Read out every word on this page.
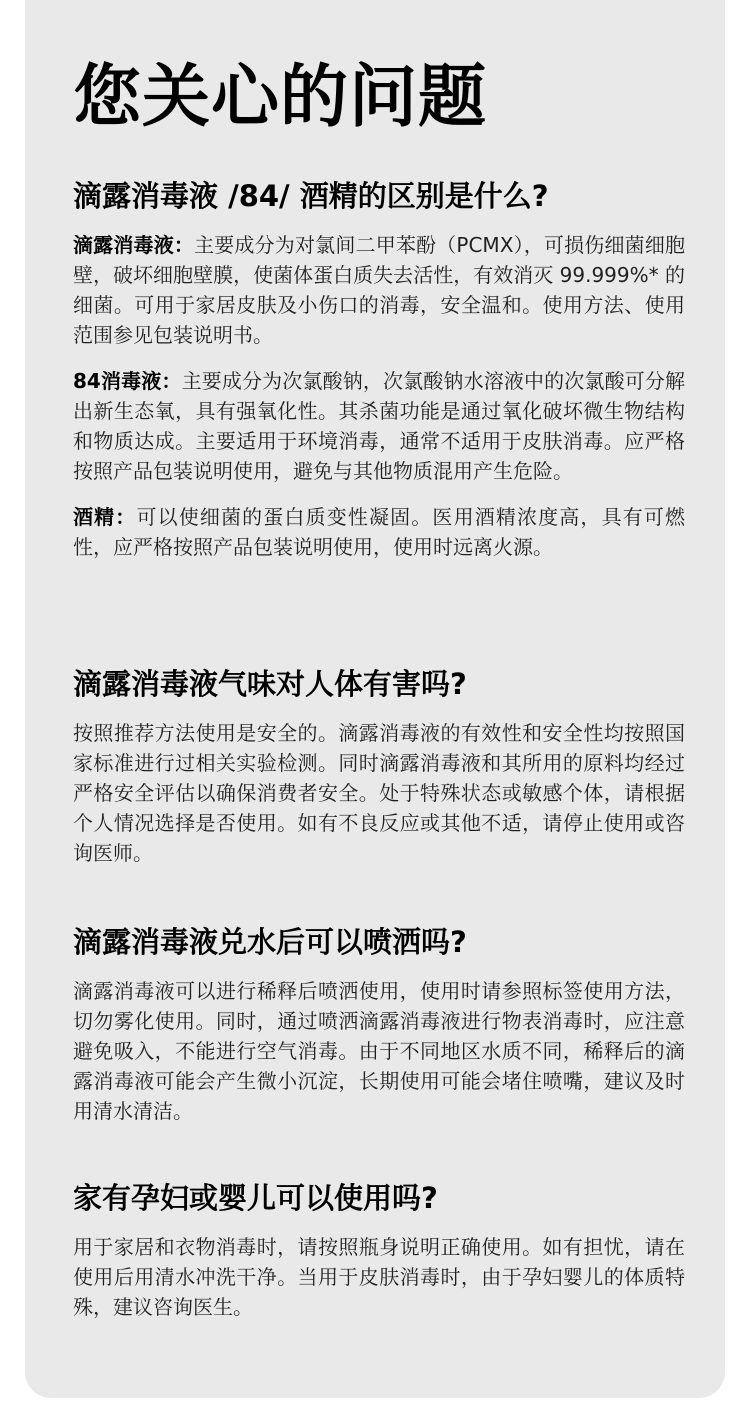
您关心的问题
滴露消毒液 /84/ 酒精的区别是什么?

滴露消毒液：主要成分为对氯间二甲苯酚（PCMX），可损伤细菌细胞壁，破坏细胞壁膜，使菌体蛋白质失去活性，有效消灭 99.999%* 的细菌。可用于家居皮肤及小伤口的消毒，安全温和。使用方法、使用范围参见包装说明书。

84消毒液：主要成分为次氯酸钠，次氯酸钠水溶液中的次氯酸可分解出新生态氧，具有强氧化性。其杀菌功能是通过氧化破坏微生物结构和物质达成。主要适用于环境消毒，通常不适用于皮肤消毒。应严格按照产品包装说明使用，避免与其他物质混用产生危险。

酒精：可以使细菌的蛋白质变性凝固。医用酒精浓度高，具有可燃性，应严格按照产品包装说明使用，使用时远离火源。

滴露消毒液气味对人体有害吗?

按照推荐方法使用是安全的。滴露消毒液的有效性和安全性均按照国家标准进行过相关实验检测。同时滴露消毒液和其所用的原料均经过严格安全评估以确保消费者安全。处于特殊状态或敏感个体，请根据个人情况选择是否使用。如有不良反应或其他不适，请停止使用或咨询医师。

滴露消毒液兑水后可以喷洒吗?

滴露消毒液可以进行稀释后喷洒使用，使用时请参照标签使用方法，切勿雾化使用。同时，通过喷洒滴露消毒液进行物表消毒时，应注意避免吸入，不能进行空气消毒。由于不同地区水质不同，稀释后的滴露消毒液可能会产生微小沉淀，长期使用可能会堵住喷嘴，建议及时用清水清洁。

家有孕妇或婴儿可以使用吗?

用于家居和衣物消毒时，请按照瓶身说明正确使用。如有担忧，请在使用后用清水冲洗干净。当用于皮肤消毒时，由于孕妇婴儿的体质特殊，建议咨询医生。
